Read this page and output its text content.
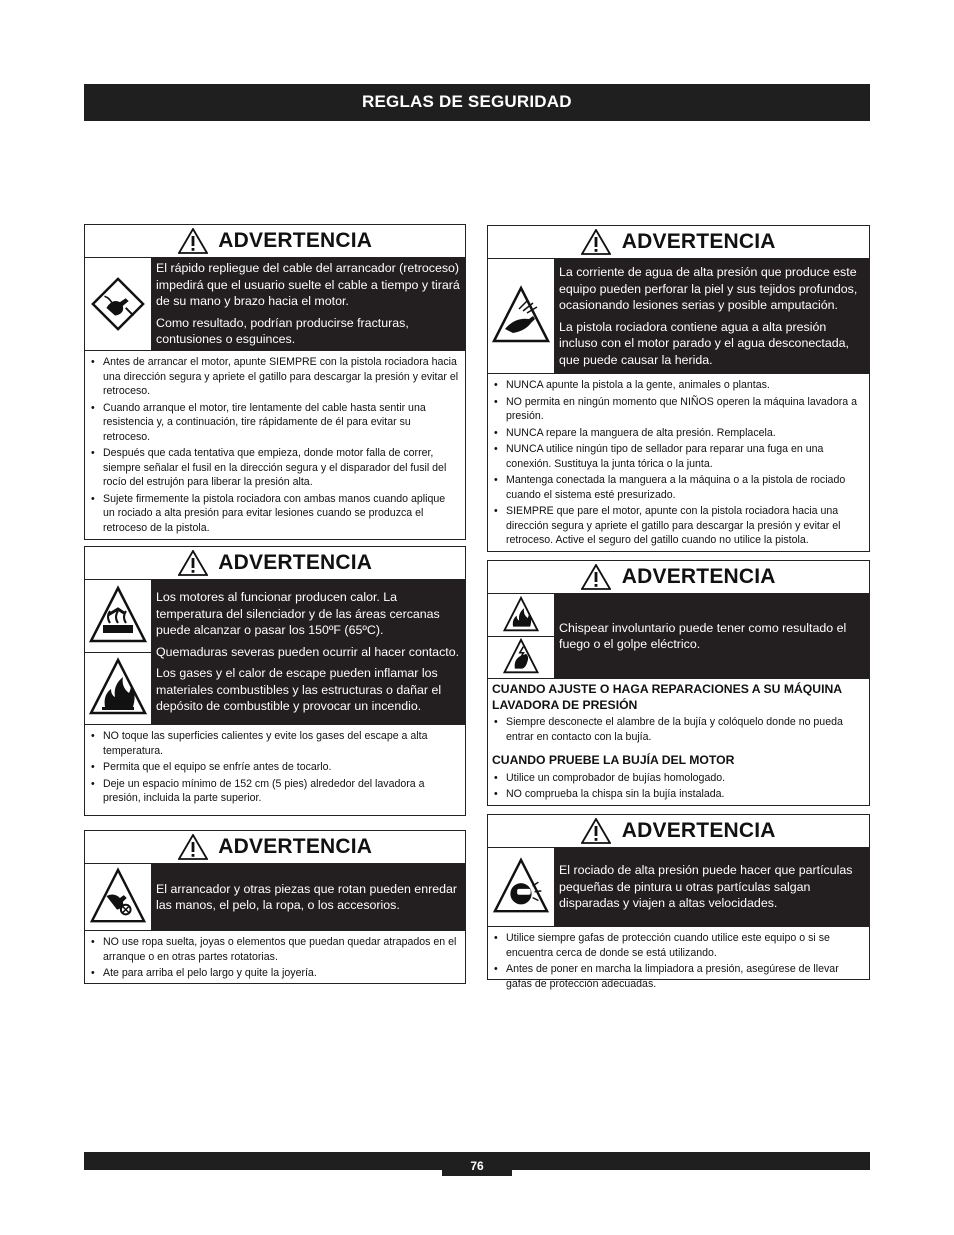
REGLAS DE SEGURIDAD
ADVERTENCIA

El rápido repliegue del cable del arrancador (retroceso) impedirá que el usuario suelte el cable a tiempo y tirará de su mano y brazo hacia el motor.

Como resultado, podrían producirse fracturas, contusiones o esguinces.

• Antes de arrancar el motor, apunte SIEMPRE con la pistola rociadora hacia una dirección segura y apriete el gatillo para descargar la presión y evitar el retroceso.
• Cuando arranque el motor, tire lentamente del cable hasta sentir una resistencia y, a continuación, tire rápidamente de él para evitar su retroceso.
• Después que cada tentativa que empieza, donde motor falla de correr, siempre señalar el fusil en la dirección segura y el disparador del fusil del rocío del estrujón para liberar la presión alta.
• Sujete firmemente la pistola rociadora con ambas manos cuando aplique un rociado a alta presión para evitar lesiones cuando se produzca el retroceso de la pistola.
ADVERTENCIA

Los motores al funcionar producen calor. La temperatura del silenciador y de las áreas cercanas puede alcanzar o pasar los 150ºF (65ºC).

Quemaduras severas pueden ocurrir al hacer contacto.

Los gases y el calor de escape pueden inflamar los materiales combustibles y las estructuras o dañar el depósito de combustible y provocar un incendio.

• NO toque las superficies calientes y evite los gases del escape a alta temperatura.
• Permita que el equipo se enfríe antes de tocarlo.
• Deje un espacio mínimo de 152 cm (5 pies) alrededor del lavadora a presión, incluida la parte superior.
ADVERTENCIA

El arrancador y otras piezas que rotan pueden enredar las manos, el pelo, la ropa, o los accesorios.

• NO use ropa suelta, joyas o elementos que puedan quedar atrapados en el arranque o en otras partes rotatorias.
• Ate para arriba el pelo largo y quite la joyería.
ADVERTENCIA

La corriente de agua de alta presión que produce este equipo pueden perforar la piel y sus tejidos profundos, ocasionando lesiones serias y posible amputación.

La pistola rociadora contiene agua a alta presión incluso con el motor parado y el agua desconectada, que puede causar la herida.

• NUNCA apunte la pistola a la gente, animales o plantas.
• NO permita en ningún momento que NIÑOS operen la máquina lavadora a presión.
• NUNCA repare la manguera de alta presión. Remplacela.
• NUNCA utilice ningún tipo de sellador para reparar una fuga en una conexión. Sustituya la junta tórica o la junta.
• Mantenga conectada la manguera a la máquina o a la pistola de rociado cuando el sistema esté presurizado.
• SIEMPRE que pare el motor, apunte con la pistola rociadora hacia una dirección segura y apriete el gatillo para descargar la presión y evitar el retroceso. Active el seguro del gatillo cuando no utilice la pistola.
ADVERTENCIA

Chispear involuntario puede tener como resultado el fuego o el golpe eléctrico.

CUANDO AJUSTE O HAGA REPARACIONES A SU MÁQUINA LAVADORA DE PRESIÓN
• Siempre desconecte el alambre de la bujía y colóquelo donde no pueda entrar en contacto con la bujía.
CUANDO PRUEBE LA BUJÍA DEL MOTOR
• Utilice un comprobador de bujías homologado.
• NO comprueba la chispa sin la bujía instalada.
ADVERTENCIA

El rociado de alta presión puede hacer que partículas pequeñas de pintura u otras partículas salgan disparadas y viajen a altas velocidades.

• Utilice siempre gafas de protección cuando utilice este equipo o si se encuentra cerca de donde se está utilizando.
• Antes de poner en marcha la limpiadora a presión, asegúrese de llevar gafas de protección adecuadas.
76
